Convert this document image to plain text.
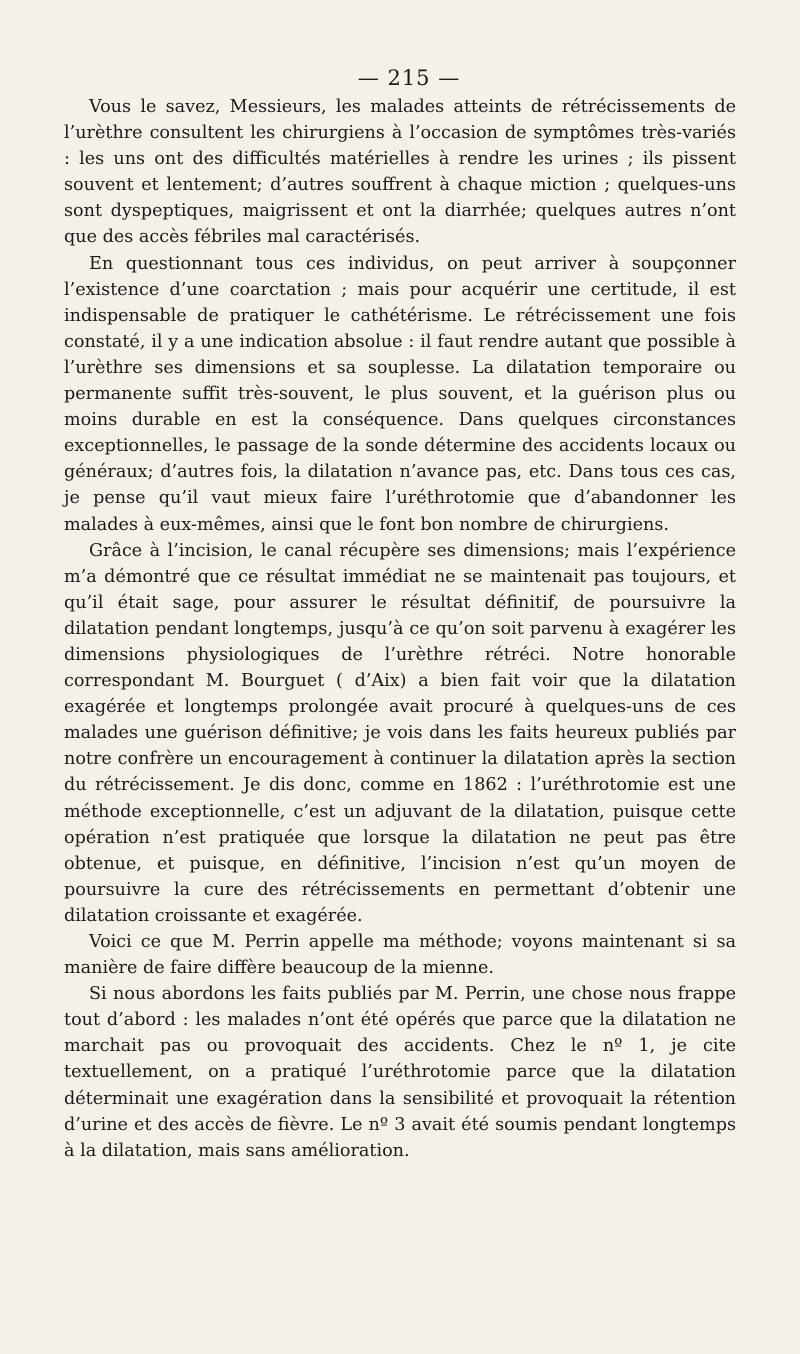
— 215 —

Vous le savez, Messieurs, les malades atteints de rétrécissements de l’urèthre consultent les chirurgiens à l’occasion de symptômes très-variés : les uns ont des difficultés matérielles à rendre les urines ; ils pissent souvent et lentement; d’autres souffrent à chaque miction ; quelques-uns sont dyspeptiques, maigrissent et ont la diarrhée; quelques autres n’ont que des accès fébriles mal caractérisés.

En questionnant tous ces individus, on peut arriver à soupçonner l’existence d’une coarctation ; mais pour acquérir une certitude, il est indispensable de pratiquer le cathétérisme. Le rétrécissement une fois constaté, il y a une indication absolue : il faut rendre autant que possible à l’urèthre ses dimensions et sa souplesse. La dilatation temporaire ou permanente suffit très-souvent, le plus souvent, et la guérison plus ou moins durable en est la conséquence. Dans quelques circonstances exceptionnelles, le passage de la sonde détermine des accidents locaux ou généraux; d’autres fois, la dilatation n’avance pas, etc. Dans tous ces cas, je pense qu’il vaut mieux faire l’uréthrotomie que d’abandonner les malades à eux-mêmes, ainsi que le font bon nombre de chirurgiens.

Grâce à l’incision, le canal récupère ses dimensions; mais l’expérience m’a démontré que ce résultat immédiat ne se maintenait pas toujours, et qu’il était sage, pour assurer le résultat définitif, de poursuivre la dilatation pendant longtemps, jusqu’à ce qu’on soit parvenu à exagérer les dimensions physiologiques de l’urèthre rétréci. Notre honorable correspondant M. Bourguet ( d’Aix) a bien fait voir que la dilatation exagérée et longtemps prolongée avait procuré à quelques-uns de ces malades une guérison définitive; je vois dans les faits heureux publiés par notre confrère un encouragement à continuer la dilatation après la section du rétrécissement. Je dis donc, comme en 1862 : l’uréthrotomie est une méthode exceptionnelle, c’est un adjuvant de la dilatation, puisque cette opération n’est pratiquée que lorsque la dilatation ne peut pas être obtenue, et puisque, en définitive, l’incision n’est qu’un moyen de poursuivre la cure des rétrécissements en permettant d’obtenir une dilatation croissante et exagérée.

Voici ce que M. Perrin appelle ma méthode; voyons maintenant si sa manière de faire diffère beaucoup de la mienne.

Si nous abordons les faits publiés par M. Perrin, une chose nous frappe tout d’abord : les malades n’ont été opérés que parce que la dilatation ne marchait pas ou provoquait des accidents. Chez le nº 1, je cite textuellement, on a pratiqué l’uréthrotomie parce que la dilatation déterminait une exagération dans la sensibilité et provoquait la rétention d’urine et des accès de fièvre. Le nº 3 avait été soumis pendant longtemps à la dilatation, mais sans amélioration.
